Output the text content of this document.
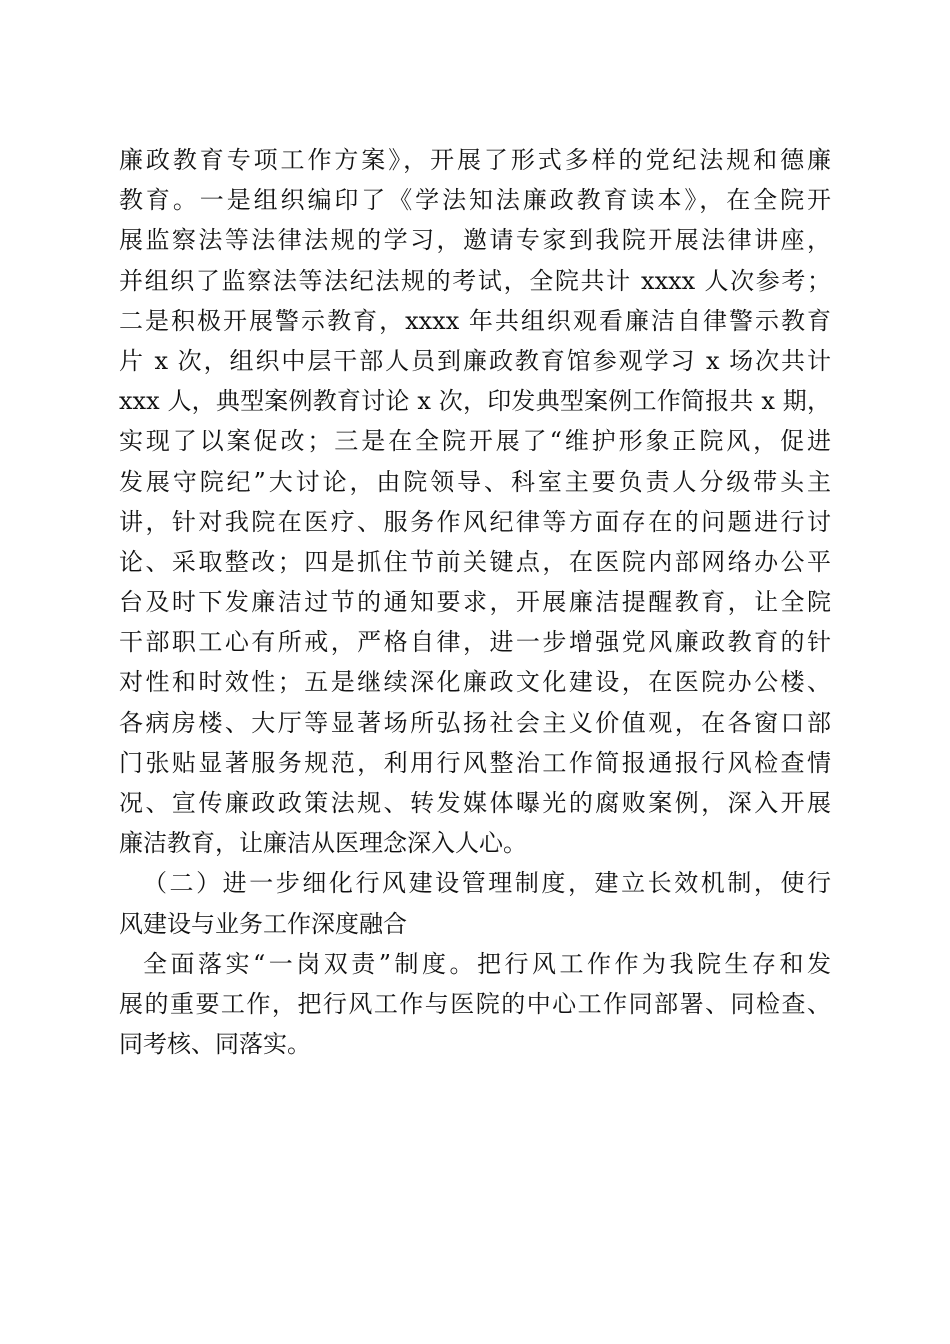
廉政教育专项工作方案》，开展了形式多样的党纪法规和德廉
教育。一是组织编印了《学法知法廉政教育读本》，在全院开
展监察法等法律法规的学习，邀请专家到我院开展法律讲座，
并组织了监察法等法纪法规的考试，全院共计 xxxx 人次参考；
二是积极开展警示教育，xxxx 年共组织观看廉洁自律警示教育
片 x 次，组织中层干部人员到廉政教育馆参观学习 x 场次共计
xxx 人，典型案例教育讨论 x 次，印发典型案例工作简报共 x 期，
实现了以案促改；三是在全院开展了“维护形象正院风，促进
发展守院纪”大讨论，由院领导、科室主要负责人分级带头主
讲，针对我院在医疗、服务作风纪律等方面存在的问题进行讨
论、采取整改；四是抓住节前关键点，在医院内部网络办公平
台及时下发廉洁过节的通知要求，开展廉洁提醒教育，让全院
干部职工心有所戒，严格自律，进一步增强党风廉政教育的针
对性和时效性；五是继续深化廉政文化建设，在医院办公楼、
各病房楼、大厅等显著场所弘扬社会主义价值观，在各窗口部
门张贴显著服务规范，利用行风整治工作简报通报行风检查情
况、宣传廉政政策法规、转发媒体曝光的腐败案例，深入开展
廉洁教育，让廉洁从医理念深入人心。
（二）进一步细化行风建设管理制度，建立长效机制，使行
风建设与业务工作深度融合
全面落实“一岗双责”制度。把行风工作作为我院生存和发
展的重要工作，把行风工作与医院的中心工作同部署、同检查、
同考核、同落实。
